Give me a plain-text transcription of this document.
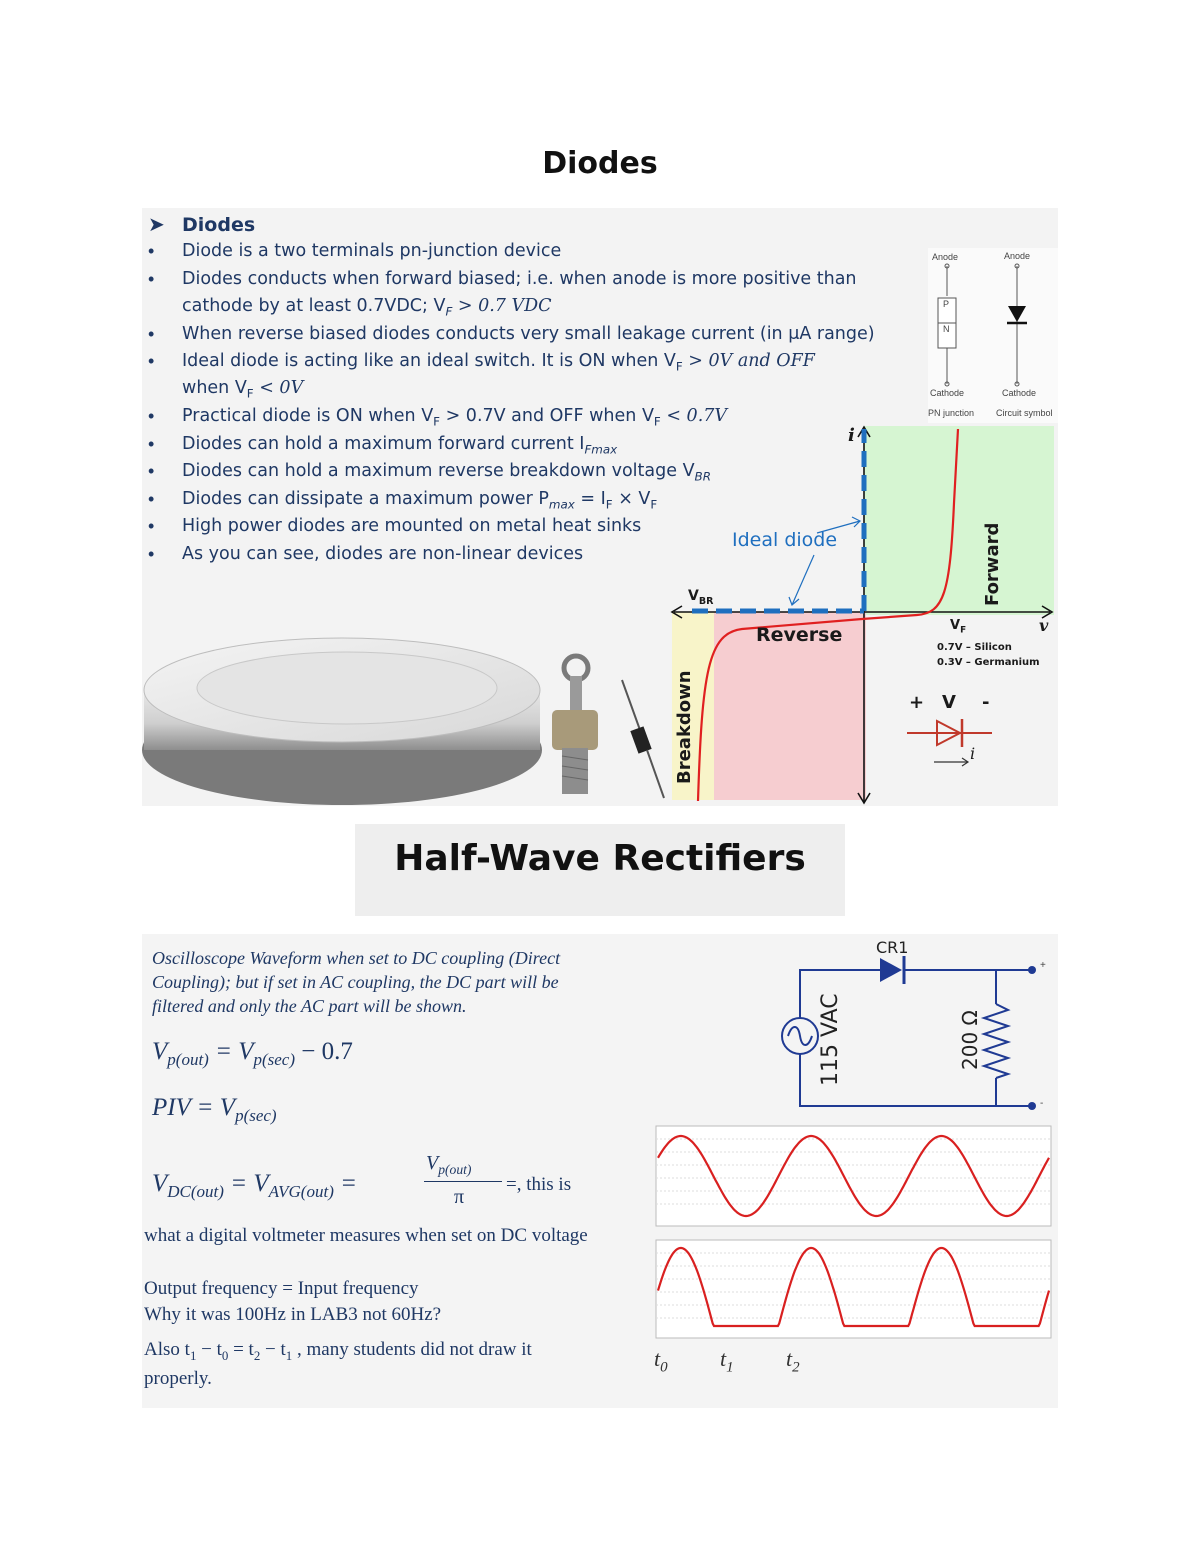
Diodes
➤ Diodes
• Diode is a two terminals pn-junction device
• Diodes conducts when forward biased; i.e. when anode is more positive than
cathode by at least 0.7VDC; $V_F > 0.7$ VDC
• When reverse biased diodes conducts very small leakage current (in μA range)
• Ideal diode is acting like an ideal switch. It is ON when $V_F > 0V$ and OFF
when $V_F < 0V$
• Practical diode is ON when $V_F > 0.7V$ and OFF when $V_F < 0.7V$
• Diodes can hold a maximum forward current $I_{Fmax}$
• Diodes can hold a maximum reverse breakdown voltage $V_{BR}$
• Diodes can dissipate a maximum power $P_{max} = I_F \times V_F$
• High power diodes are mounted on metal heat sinks
• As you can see, diodes are non-linear devices
Anode	Anode
P
N
Cathode	Cathode
PN junction Circuit symbol
i
v
Ideal diode
$V_{BR}$
$V_F$
Reverse
Forward
Breakdown
0.7V – Silicon
0.3V – Germanium
+ V -
i
Half-Wave Rectifiers
Oscilloscope Waveform when set to DC coupling (Direct
Coupling); but if set in AC coupling, the DC part will be
filtered and only the AC part will be shown.
$V_{p(out)} = V_{p(sec)} - 0.7$
PIV = $V_{p(sec)}$
$V_{DC(out)} = V_{AVG(out)}$ =
$V_{p(out)}$
π
=, this is
what a digital voltmeter measures when set on DC voltage
Output frequency = Input frequency
Why it was 100Hz in LAB3 not 60Hz?
Also $t_1 - t_0 = t_2 - t_1$ , many students did not draw it
properly.
CR1
115 VAC	200 Ω
+
-
$t_0$ $t_1$ $t_2$
